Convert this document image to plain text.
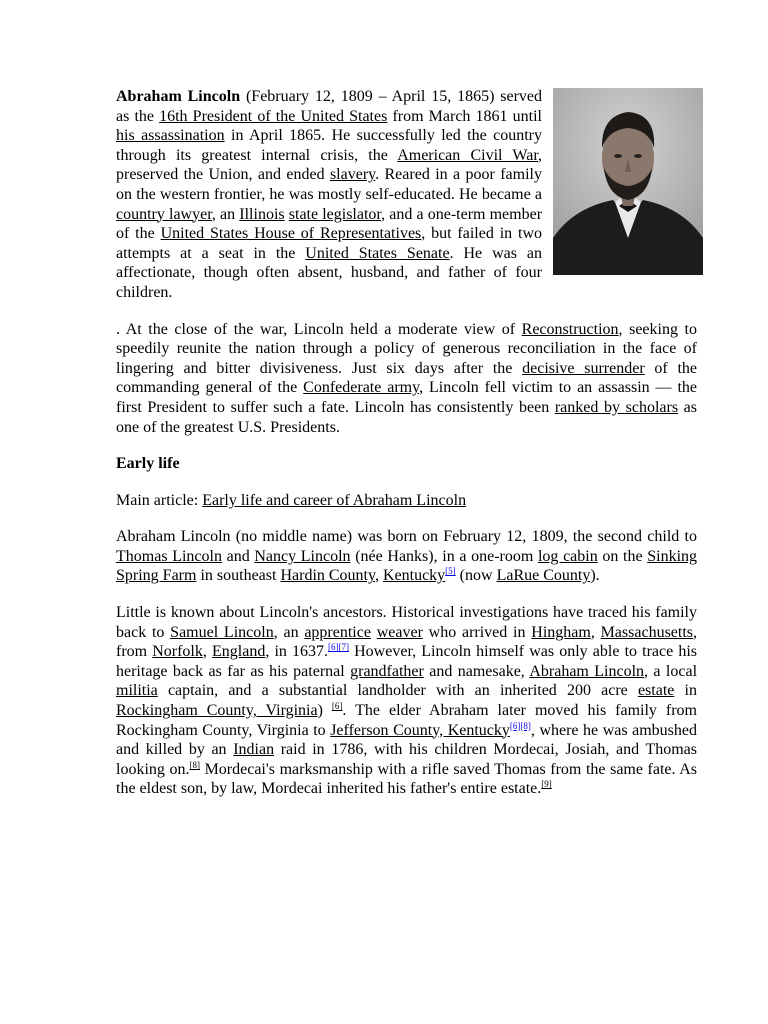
Abraham Lincoln (February 12, 1809 – April 15, 1865) served as the 16th President of the United States from March 1861 until his assassination in April 1865. He successfully led the country through its greatest internal crisis, the American Civil War, preserved the Union, and ended slavery. Reared in a poor family on the western frontier, he was mostly self-educated. He became a country lawyer, an Illinois state legislator, and a one-term member of the United States House of Representatives, but failed in two attempts at a seat in the United States Senate. He was an affectionate, though often absent, husband, and father of four children.

. At the close of the war, Lincoln held a moderate view of Reconstruction, seeking to speedily reunite the nation through a policy of generous reconciliation in the face of lingering and bitter divisiveness. Just six days after the decisive surrender of the commanding general of the Confederate army, Lincoln fell victim to an assassin — the first President to suffer such a fate. Lincoln has consistently been ranked by scholars as one of the greatest U.S. Presidents.

Early life

Main article: Early life and career of Abraham Lincoln

Abraham Lincoln (no middle name) was born on February 12, 1809, the second child to Thomas Lincoln and Nancy Lincoln (née Hanks), in a one-room log cabin on the Sinking Spring Farm in southeast Hardin County, Kentucky[5] (now LaRue County).

Little is known about Lincoln's ancestors. Historical investigations have traced his family back to Samuel Lincoln, an apprentice weaver who arrived in Hingham, Massachusetts, from Norfolk, England, in 1637.[6][7] However, Lincoln himself was only able to trace his heritage back as far as his paternal grandfather and namesake, Abraham Lincoln, a local militia captain, and a substantial landholder with an inherited 200 acre estate in Rockingham County, Virginia) [6]. The elder Abraham later moved his family from Rockingham County, Virginia to Jefferson County, Kentucky[6][8], where he was ambushed and killed by an Indian raid in 1786, with his children Mordecai, Josiah, and Thomas looking on.[8] Mordecai's marksmanship with a rifle saved Thomas from the same fate. As the eldest son, by law, Mordecai inherited his father's entire estate.[9]
